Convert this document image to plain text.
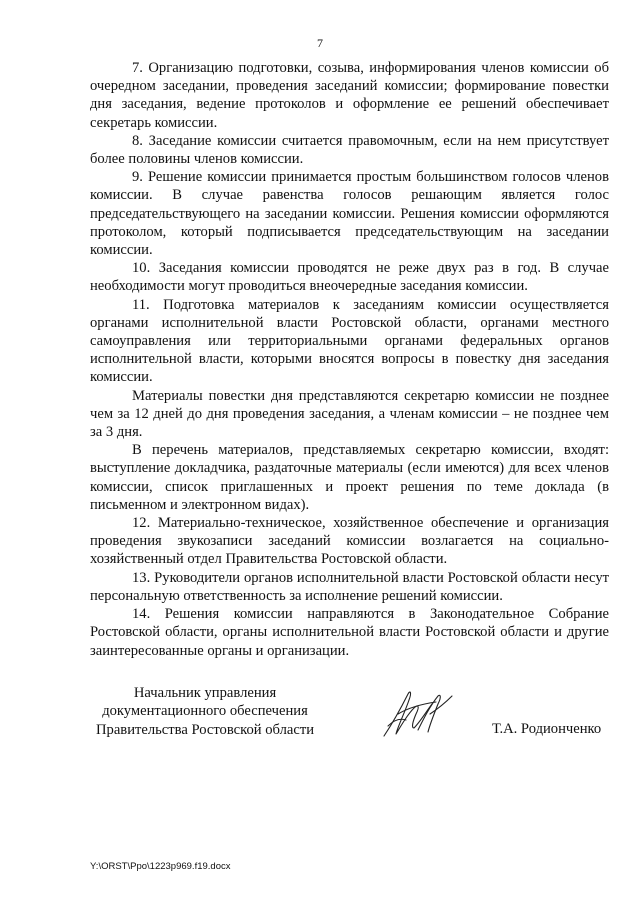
7

7. Организацию подготовки, созыва, информирования членов комиссии об очередном заседании, проведения заседаний комиссии; формирование повестки дня заседания, ведение протоколов и оформление ее решений обеспечивает секретарь комиссии.

8. Заседание комиссии считается правомочным, если на нем присутствует более половины членов комиссии.

9. Решение комиссии принимается простым большинством голосов членов комиссии. В случае равенства голосов решающим является голос председательствующего на заседании комиссии. Решения комиссии оформляются протоколом, который подписывается председательствующим на заседании комиссии.

10. Заседания комиссии проводятся не реже двух раз в год. В случае необходимости могут проводиться внеочередные заседания комиссии.

11. Подготовка материалов к заседаниям комиссии осуществляется органами исполнительной власти Ростовской области, органами местного самоуправления или территориальными органами федеральных органов исполнительной власти, которыми вносятся вопросы в повестку дня заседания комиссии.

Материалы повестки дня представляются секретарю комиссии не позднее чем за 12 дней до дня проведения заседания, а членам комиссии – не позднее чем за 3 дня.

В перечень материалов, представляемых секретарю комиссии, входят: выступление докладчика, раздаточные материалы (если имеются) для всех членов комиссии, список приглашенных и проект решения по теме доклада (в письменном и электронном видах).

12. Материально-техническое, хозяйственное обеспечение и организация проведения звукозаписи заседаний комиссии возлагается на социально-хозяйственный отдел Правительства Ростовской области.

13. Руководители органов исполнительной власти Ростовской области несут персональную ответственность за исполнение решений комиссии.

14. Решения комиссии направляются в Законодательное Собрание Ростовской области, органы исполнительной власти Ростовской области и другие заинтересованные органы и организации.

Начальник управления
документационного обеспечения
Правительства Ростовской области	Т.А. Родионченко
Y:\ORST\Ppo\1223p969.f19.docx
